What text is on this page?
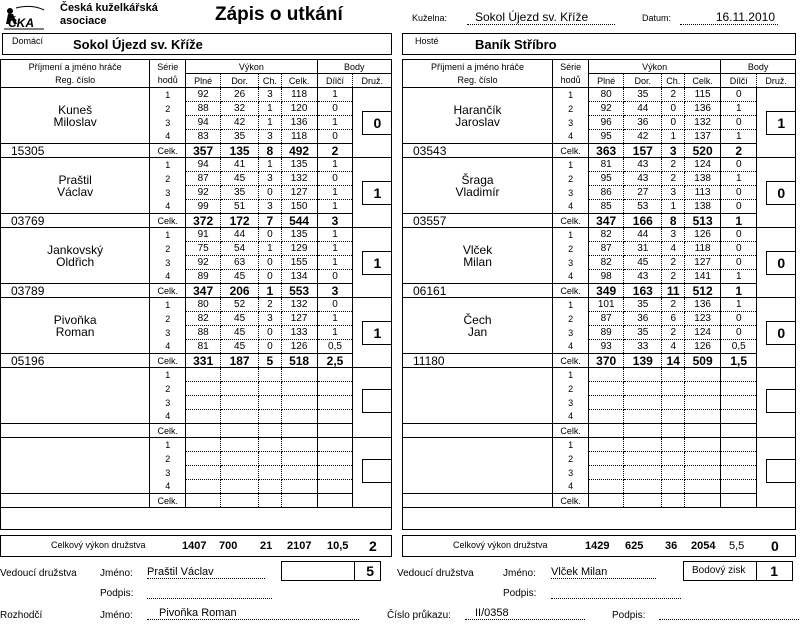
ČKA
Česká kuželkářská
asociace	Zápis o utkání	Kuželna:	Sokol Újezd sv. Kříže	Datum:	16.11.2010
Domácí Sokol Újezd sv. Kříže	Hosté	Baník Stříbro
Příjmení a jméno hráče	Série	Výkon				Body	
Reg. číslo	hodů	Plné	Dor.	Ch.	Celk.	Dílčí	Druž.
Kuneš	1	92	26	3	118	1	0
	2	88	32	1	120	0	
Miloslav	3	94	42	1	136	1	
	4	83	35	3	118	0	
15305	Celk.	357	135	8	492	2	
Praštil	1	94	41	1	135	1	1
	2	87	45	3	132	0	
Václav	3	92	35	0	127	1	
	4	99	51	3	150	1	
03769	Celk.	372	172	7	544	3	
Jankovský	1	91	44	0	135	1	1
	2	75	54	1	129	1	
Oldřich	3	92	63	0	155	1	
	4	89	45	0	134	0	
03789	Celk.	347	206	1	553	3	
Pivoňka	1	80	52	2	132	0	1
	2	82	45	3	127	1	
Roman	3	88	45	0	133	1	
	4	81	45	0	126	0,5	
05196	Celk.	331	187	5	518	2,5	
	1						
	2						
	3						
	4						
	Celk.						
	1						
	2						
	3						
	4						
	Celk.						
Příjmení a jméno hráče	Série	Výkon				Body	
Reg. číslo	hodů	Plné	Dor.	Ch.	Celk.	Dílčí	Druž.
Harančík	1	80	35	2	115	0	1
	2	92	44	0	136	1	
Jaroslav	3	96	36	0	132	0	
	4	95	42	1	137	1	
03543	Celk.	363	157	3	520	2	
Šraga	1	81	43	2	124	0	0
	2	95	43	2	138	1	
Vladimír	3	86	27	3	113	0	
	4	85	53	1	138	0	
03557	Celk.	347	166	8	513	1	
Vlček	1	82	44	3	126	0	0
	2	87	31	4	118	0	
Milan	3	82	45	2	127	0	
	4	98	43	2	141	1	
06161	Celk.	349	163	11	512	1	
Čech	1	101	35	2	136	1	0
	2	87	36	6	123	0	
Jan	3	89	35	2	124	0	
	4	93	33	4	126	0,5	
11180	Celk.	370	139	14	509	1,5	
	1						
	2						
	3						
	4						
	Celk.						
	1						
	2						
	3						
	4						
	Celk.						
Celkový výkon družstva	1407 700 21 2107 10,5 2	Celkový výkon družstva	1429 625 36 2054 5,5 0
Vedoucí družstva Jméno: Praštil Václav	5
Podpis:
Vedoucí družstva	Jméno: Vlček Milan	Bodový zisk 1
Podpis:
Rozhodčí	Jméno:	Pivoňka Roman	Číslo průkazu:	II/0358	Podpis:
